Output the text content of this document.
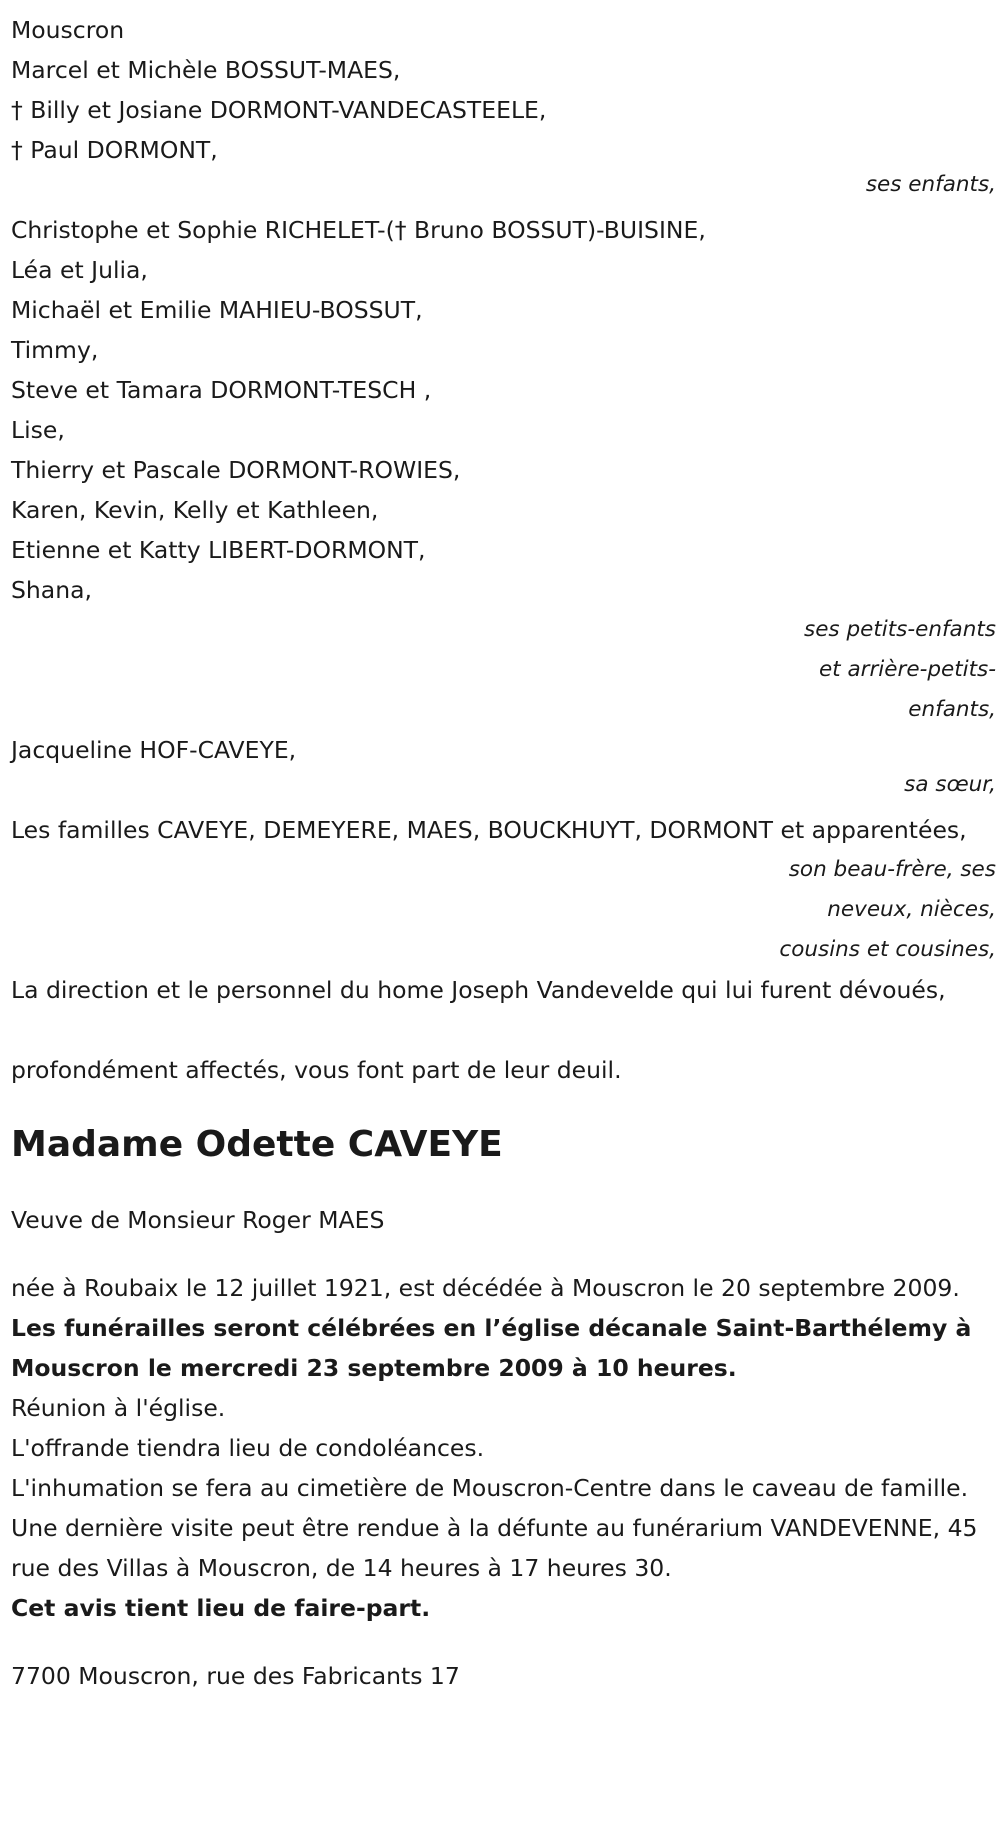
Mouscron
Marcel et Michèle BOSSUT-MAES,
† Billy et Josiane DORMONT-VANDECASTEELE,
† Paul DORMONT,
ses enfants,
Christophe et Sophie RICHELET-(† Bruno BOSSUT)-BUISINE,
Léa et Julia,
Michaël et Emilie MAHIEU-BOSSUT,
Timmy,
Steve et Tamara DORMONT-TESCH ,
Lise,
Thierry et Pascale DORMONT-ROWIES,
Karen, Kevin, Kelly et Kathleen,
Etienne et Katty LIBERT-DORMONT,
Shana,
ses petits-enfants
et arrière-petits-
enfants,
Jacqueline HOF-CAVEYE,
sa sœur,
Les familles CAVEYE, DEMEYERE, MAES, BOUCKHUYT, DORMONT et apparentées,
son beau-frère, ses
neveux, nièces,
cousins et cousines,
La direction et le personnel du home Joseph Vandevelde qui lui furent dévoués,
profondément affectés, vous font part de leur deuil.
Madame Odette CAVEYE
Veuve de Monsieur Roger MAES
née à Roubaix le 12 juillet 1921, est décédée à Mouscron le 20 septembre 2009.
Les funérailles seront célébrées en l’église décanale Saint-Barthélemy à Mouscron le mercredi 23 septembre 2009 à 10 heures.
Réunion à l'église.
L'offrande tiendra lieu de condoléances.
L'inhumation se fera au cimetière de Mouscron-Centre dans le caveau de famille.
Une dernière visite peut être rendue à la défunte au funérarium VANDEVENNE, 45 rue des Villas à Mouscron, de 14 heures à 17 heures 30.
Cet avis tient lieu de faire-part.
7700 Mouscron, rue des Fabricants 17
